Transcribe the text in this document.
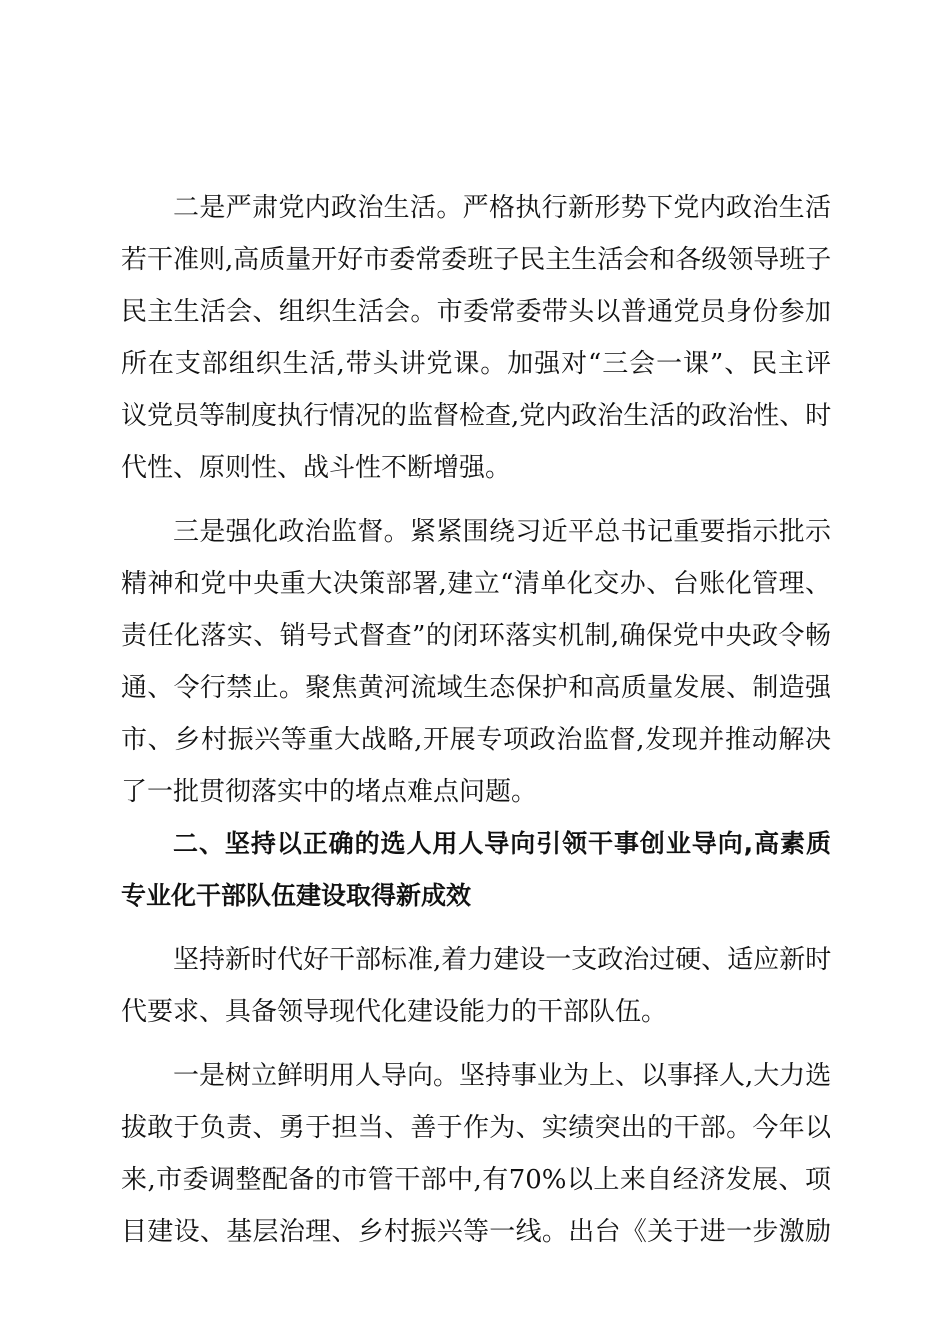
二是严肃党内政治生活。严格执行新形势下党内政治生活
若干准则,高质量开好市委常委班子民主生活会和各级领导班子
民主生活会、组织生活会。市委常委带头以普通党员身份参加
所在支部组织生活,带头讲党课。加强对“三会一课”、民主评
议党员等制度执行情况的监督检查,党内政治生活的政治性、时
代性、原则性、战斗性不断增强。
三是强化政治监督。紧紧围绕习近平总书记重要指示批示
精神和党中央重大决策部署,建立“清单化交办、台账化管理、
责任化落实、销号式督查”的闭环落实机制,确保党中央政令畅
通、令行禁止。聚焦黄河流域生态保护和高质量发展、制造强
市、乡村振兴等重大战略,开展专项政治监督,发现并推动解决
了一批贯彻落实中的堵点难点问题。
二、坚持以正确的选人用人导向引领干事创业导向,高素质
专业化干部队伍建设取得新成效
坚持新时代好干部标准,着力建设一支政治过硬、适应新时
代要求、具备领导现代化建设能力的干部队伍。
一是树立鲜明用人导向。坚持事业为上、以事择人,大力选
拔敢于负责、勇于担当、善于作为、实绩突出的干部。今年以
来,市委调整配备的市管干部中,有70%以上来自经济发展、项
目建设、基层治理、乡村振兴等一线。出台《关于进一步激励
